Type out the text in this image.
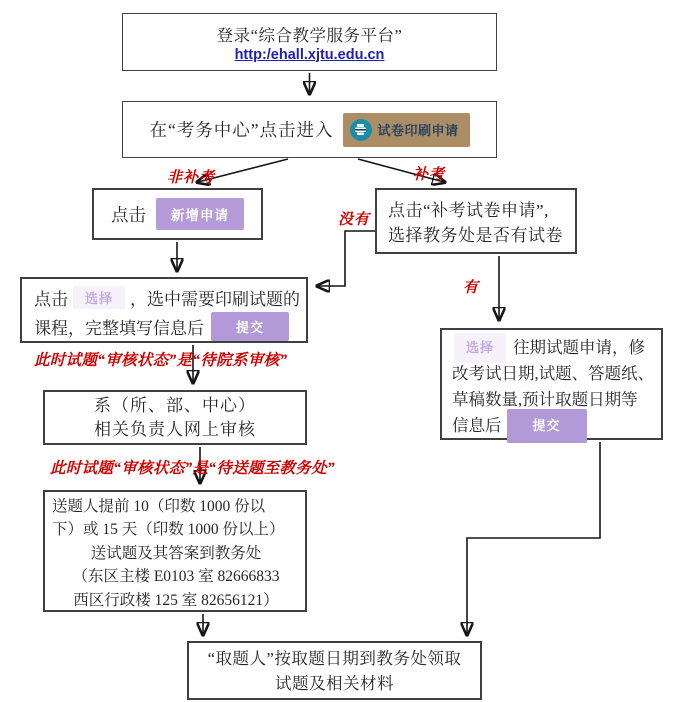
登录“综合教学服务平台”
http:/ehall.xjtu.edu.cn
在“考务中心”点击进入	试卷印刷申请
非补考	补考
没有
有
点击	新增申请	点击“补考试卷申请”,
选择教务处是否有试卷
点击	选择	，选中需要印刷试题的
课程，完整填写信息后	提交
此时试题“审核状态”是“待院系审核”
系（所、部、中心）
相关负责人网上审核
此时试题“审核状态”是“待送题至教务处”
送题人提前 10（印数 1000 份以
下）或 15 天（印数 1000 份以上）
送试题及其答案到教务处
（东区主楼 E0103 室 82666833
西区行政楼 125 室 82656121）
选择	往期试题申请，修
改考试日期,试题、答题纸、
草稿数量,预计取题日期等
信息后	提交
“取题人”按取题日期到教务处领取
试题及相关材料
